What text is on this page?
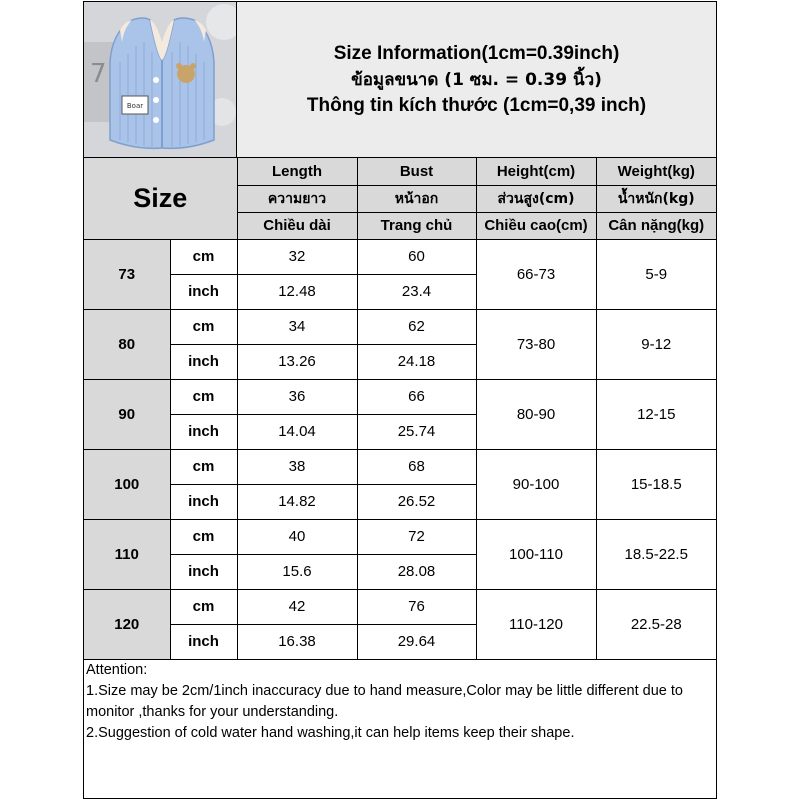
7
Boar
Size Information(1cm=0.39inch)
ข้อมูลขนาด (1 ซม. = 0.39 นิ้ว)
Thông tin kích thước (1cm=0,39 inch)
Size		Length	Bust	Height(cm)	Weight(kg)
		ความยาว	หน้าอก	ส่วนสูง(cm)	น้ำหนัก(kg)
		Chiều dài	Trang chủ	Chiều cao(cm)	Cân nặng(kg)
73	cm	32	60	66-73	5-9
	inch	12.48	23.4		
80	cm	34	62	73-80	9-12
	inch	13.26	24.18		
90	cm	36	66	80-90	12-15
	inch	14.04	25.74		
100	cm	38	68	90-100	15-18.5
	inch	14.82	26.52		
110	cm	40	72	100-110	18.5-22.5
	inch	15.6	28.08		
120	cm	42	76	110-120	22.5-28
	inch	16.38	29.64		

Attention:

1.Size may be 2cm/1inch inaccuracy due to hand measure,Color may be little different due to monitor ,thanks for your understanding.

2.Suggestion of cold water hand washing,it can help items keep their shape.
